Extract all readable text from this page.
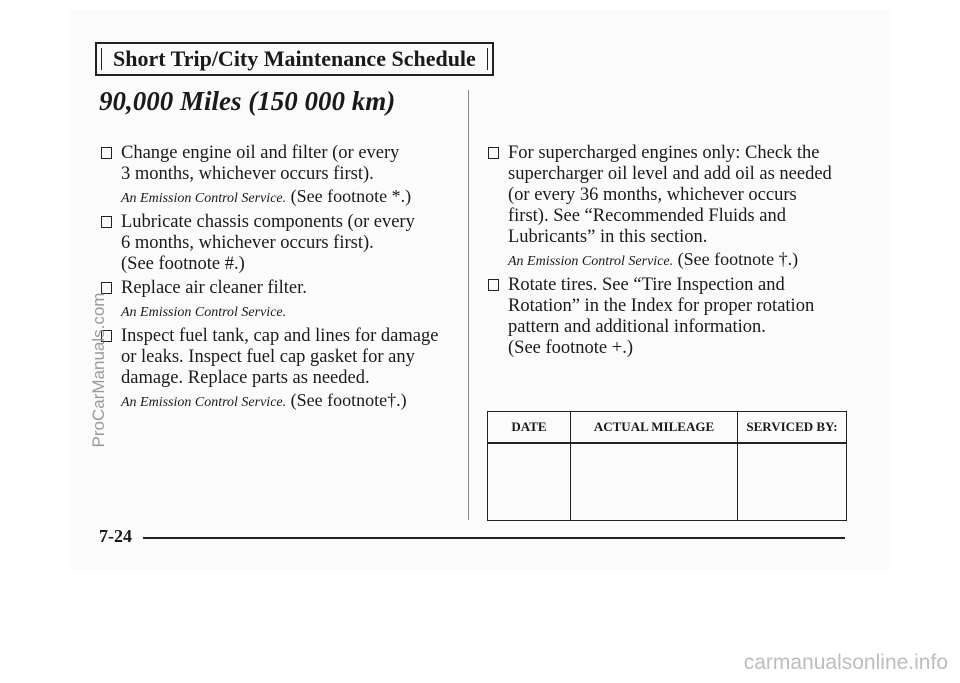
Short Trip/City Maintenance Schedule
90,000 Miles (150 000 km)
Change engine oil and filter (or every
3 months, whichever occurs first).
An Emission Control Service. (See footnote *.)
Lubricate chassis components (or every
6 months, whichever occurs first).
(See footnote #.)
Replace air cleaner filter.
An Emission Control Service.
Inspect fuel tank, cap and lines for damage
or leaks. Inspect fuel cap gasket for any
damage. Replace parts as needed.
An Emission Control Service. (See footnote†.)
For supercharged engines only: Check the
supercharger oil level and add oil as needed
(or every 36 months, whichever occurs
first). See “Recommended Fluids and
Lubricants” in this section.
An Emission Control Service. (See footnote †.)
Rotate tires. See “Tire Inspection and
Rotation” in the Index for proper rotation
pattern and additional information.
(See footnote +.)
DATE	ACTUAL MILEAGE	SERVICED BY:

7-24
ProCarManuals.com
carmanualsonline.info
